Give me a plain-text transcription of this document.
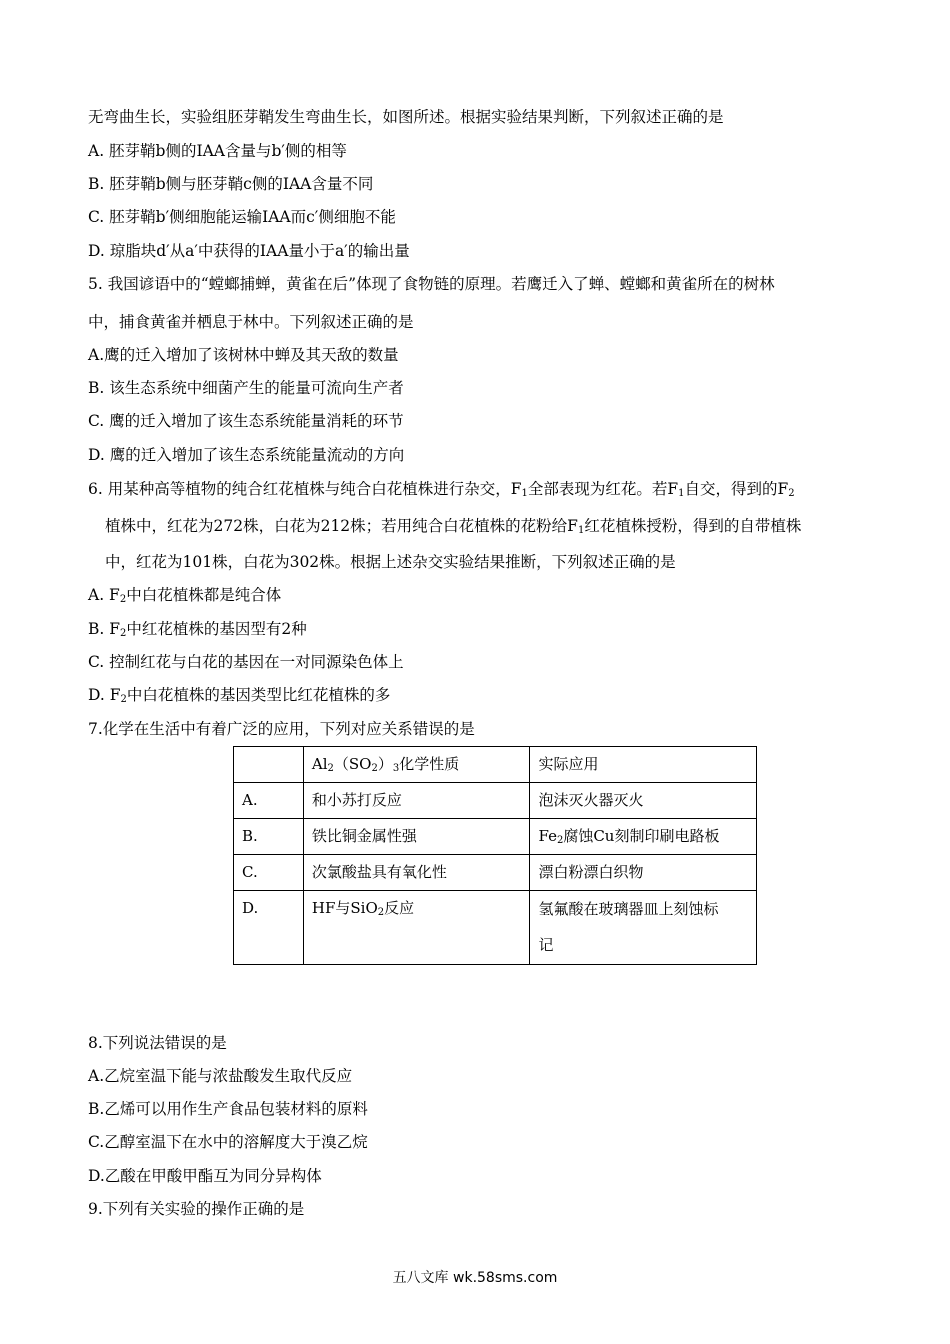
无弯曲生长，实验组胚芽鞘发生弯曲生长，如图所述。根据实验结果判断，下列叙述正确的是
A. 胚芽鞘b侧的IAA含量与b′侧的相等
B. 胚芽鞘b侧与胚芽鞘c侧的IAA含量不同
C. 胚芽鞘b′侧细胞能运输IAA而c′侧细胞不能
D. 琼脂块d′从a′中获得的IAA量小于a′的输出量
5. 我国谚语中的“螳螂捕蝉，黄雀在后”体现了食物链的原理。若鹰迁入了蝉、螳螂和黄雀所在的树林
中，捕食黄雀并栖息于林中。下列叙述正确的是
A.鹰的迁入增加了该树林中蝉及其天敌的数量
B. 该生态系统中细菌产生的能量可流向生产者
C. 鹰的迁入增加了该生态系统能量消耗的环节
D. 鹰的迁入增加了该生态系统能量流动的方向
6. 用某种高等植物的纯合红花植株与纯合白花植株进行杂交，$F_1$全部表现为红花。若$F_1$自交，得到的$F_2$
植株中，红花为272株，白花为212株；若用纯合白花植株的花粉给$F_1$红花植株授粉，得到的自带植株
中，红花为101株，白花为302株。根据上述杂交实验结果推断，下列叙述正确的是
A. $F_2$中白花植株都是纯合体
B. $F_2$中红花植株的基因型有2种
C. 控制红花与白花的基因在一对同源染色体上
D. $F_2$中白花植株的基因类型比红花植株的多
7.化学在生活中有着广泛的应用，下列对应关系错误的是
	$Al_2(SO_2)_3$化学性质	实际应用
A.	和小苏打反应	泡沫灭火器灭火
B.	铁比铜金属性强	$Fe_2$腐蚀Cu刻制印刷电路板
C.	次氯酸盐具有氧化性	漂白粉漂白织物
D.	HF与SiO$_2$反应	氢氟酸在玻璃器皿上刻蚀标
记
8.下列说法错误的是
A.乙烷室温下能与浓盐酸发生取代反应
B.乙烯可以用作生产食品包装材料的原料
C.乙醇室温下在水中的溶解度大于溴乙烷
D.乙酸在甲酸甲酯互为同分异构体
9.下列有关实验的操作正确的是
五八文库 wk.58sms.com
